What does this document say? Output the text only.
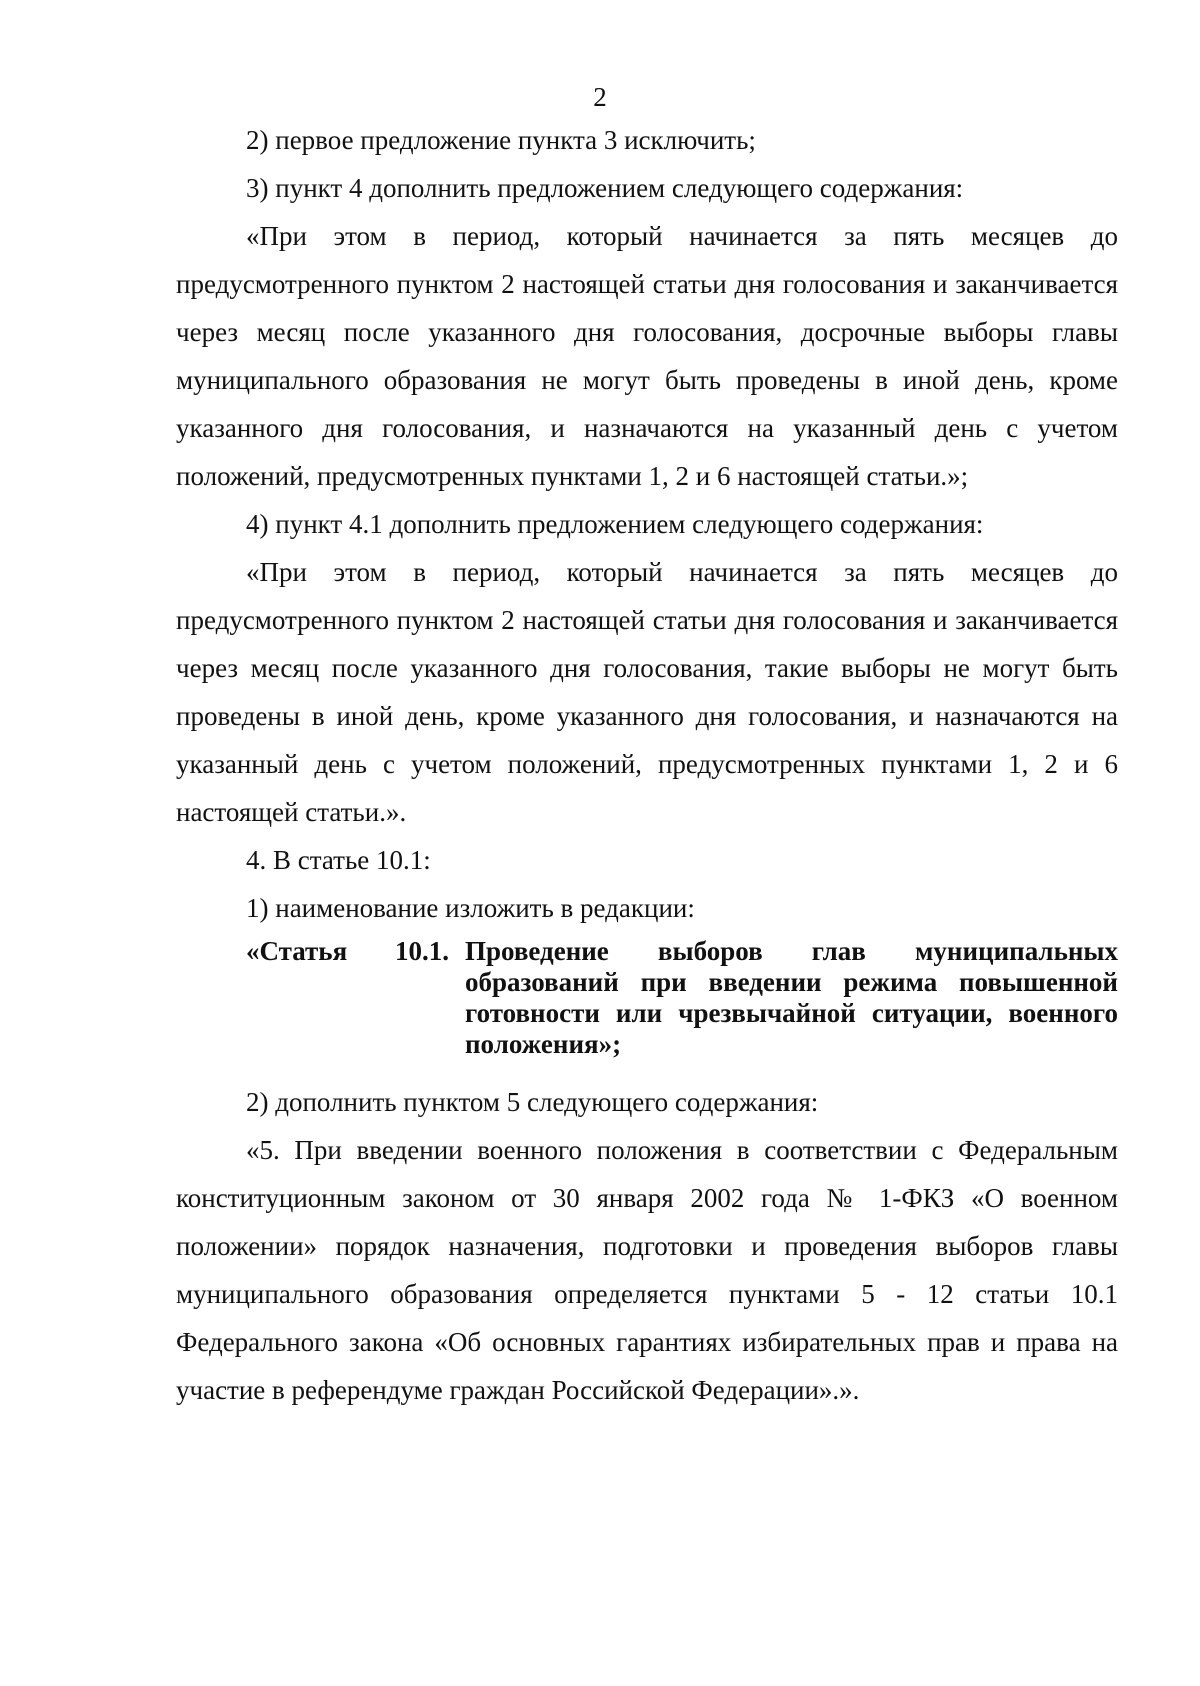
2

2) первое предложение пункта 3 исключить;

3) пункт 4 дополнить предложением следующего содержания:

«При этом в период, который начинается за пять месяцев до предусмотренного пунктом 2 настоящей статьи дня голосования и заканчивается через месяц после указанного дня голосования, досрочные выборы главы муниципального образования не могут быть проведены в иной день, кроме указанного дня голосования, и назначаются на указанный день с учетом положений, предусмотренных пунктами 1, 2 и 6 настоящей статьи.»;

4) пункт 4.1 дополнить предложением следующего содержания:

«При этом в период, который начинается за пять месяцев до предусмотренного пунктом 2 настоящей статьи дня голосования и заканчивается через месяц после указанного дня голосования, такие выборы не могут быть проведены в иной день, кроме указанного дня голосования, и назначаются на указанный день с учетом положений, предусмотренных пунктами 1, 2 и 6 настоящей статьи.».

4. В статье 10.1:

1) наименование изложить в редакции:

«Статья 10.1. Проведение выборов глав муниципальных образований при введении режима повышенной готовности или чрезвычайной ситуации, военного положения»;

2) дополнить пунктом 5 следующего содержания:

«5. При введении военного положения в соответствии с Федеральным конституционным законом от 30 января 2002 года № 1-ФКЗ «О военном положении» порядок назначения, подготовки и проведения выборов главы муниципального образования определяется пунктами 5 - 12 статьи 10.1 Федерального закона «Об основных гарантиях избирательных прав и права на участие в референдуме граждан Российской Федерации».».
